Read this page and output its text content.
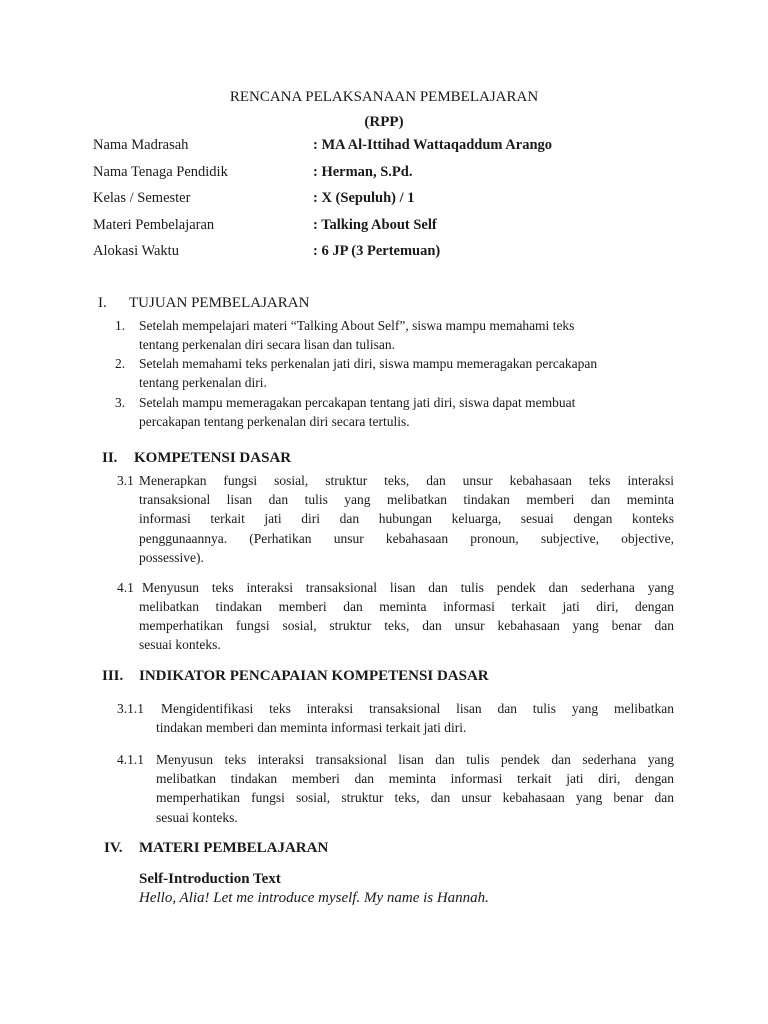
RENCANA PELAKSANAAN PEMBELAJARAN
(RPP)
Nama Madrasah	: MA Al-Ittihad Wattaqaddum Arango
Nama Tenaga Pendidik	: Herman, S.Pd.
Kelas / Semester	: X (Sepuluh) / 1
Materi Pembelajaran	: Talking About Self
Alokasi Waktu	: 6 JP (3 Pertemuan)
I. TUJUAN PEMBELAJARAN
1. Setelah mempelajari materi “Talking About Self”, siswa mampu memahami teks
tentang perkenalan diri secara lisan dan tulisan.
2. Setelah memahami teks perkenalan jati diri, siswa mampu memeragakan percakapan
tentang perkenalan diri.
3. Setelah mampu memeragakan percakapan tentang jati diri, siswa dapat membuat
percakapan tentang perkenalan diri secara tertulis.
II. KOMPETENSI DASAR
3.1 Menerapkan fungsi sosial, struktur teks, dan unsur kebahasaan teks interaksi
transaksional lisan dan tulis yang melibatkan tindakan memberi dan meminta
informasi terkait jati diri dan hubungan keluarga, sesuai dengan konteks
penggunaannya. (Perhatikan unsur kebahasaan pronoun, subjective, objective,
possessive).
4.1 Menyusun teks interaksi transaksional lisan dan tulis pendek dan sederhana yang
melibatkan tindakan memberi dan meminta informasi terkait jati diri, dengan
memperhatikan fungsi sosial, struktur teks, dan unsur kebahasaan yang benar dan
sesuai konteks.
III. INDIKATOR PENCAPAIAN KOMPETENSI DASAR
3.1.1 Mengidentifikasi teks interaksi transaksional lisan dan tulis yang melibatkan
tindakan memberi dan meminta informasi terkait jati diri.
4.1.1 Menyusun teks interaksi transaksional lisan dan tulis pendek dan sederhana yang
melibatkan tindakan memberi dan meminta informasi terkait jati diri, dengan
memperhatikan fungsi sosial, struktur teks, dan unsur kebahasaan yang benar dan
sesuai konteks.
IV. MATERI PEMBELAJARAN
Self-Introduction Text
Hello, Alia! Let me introduce myself. My name is Hannah.
